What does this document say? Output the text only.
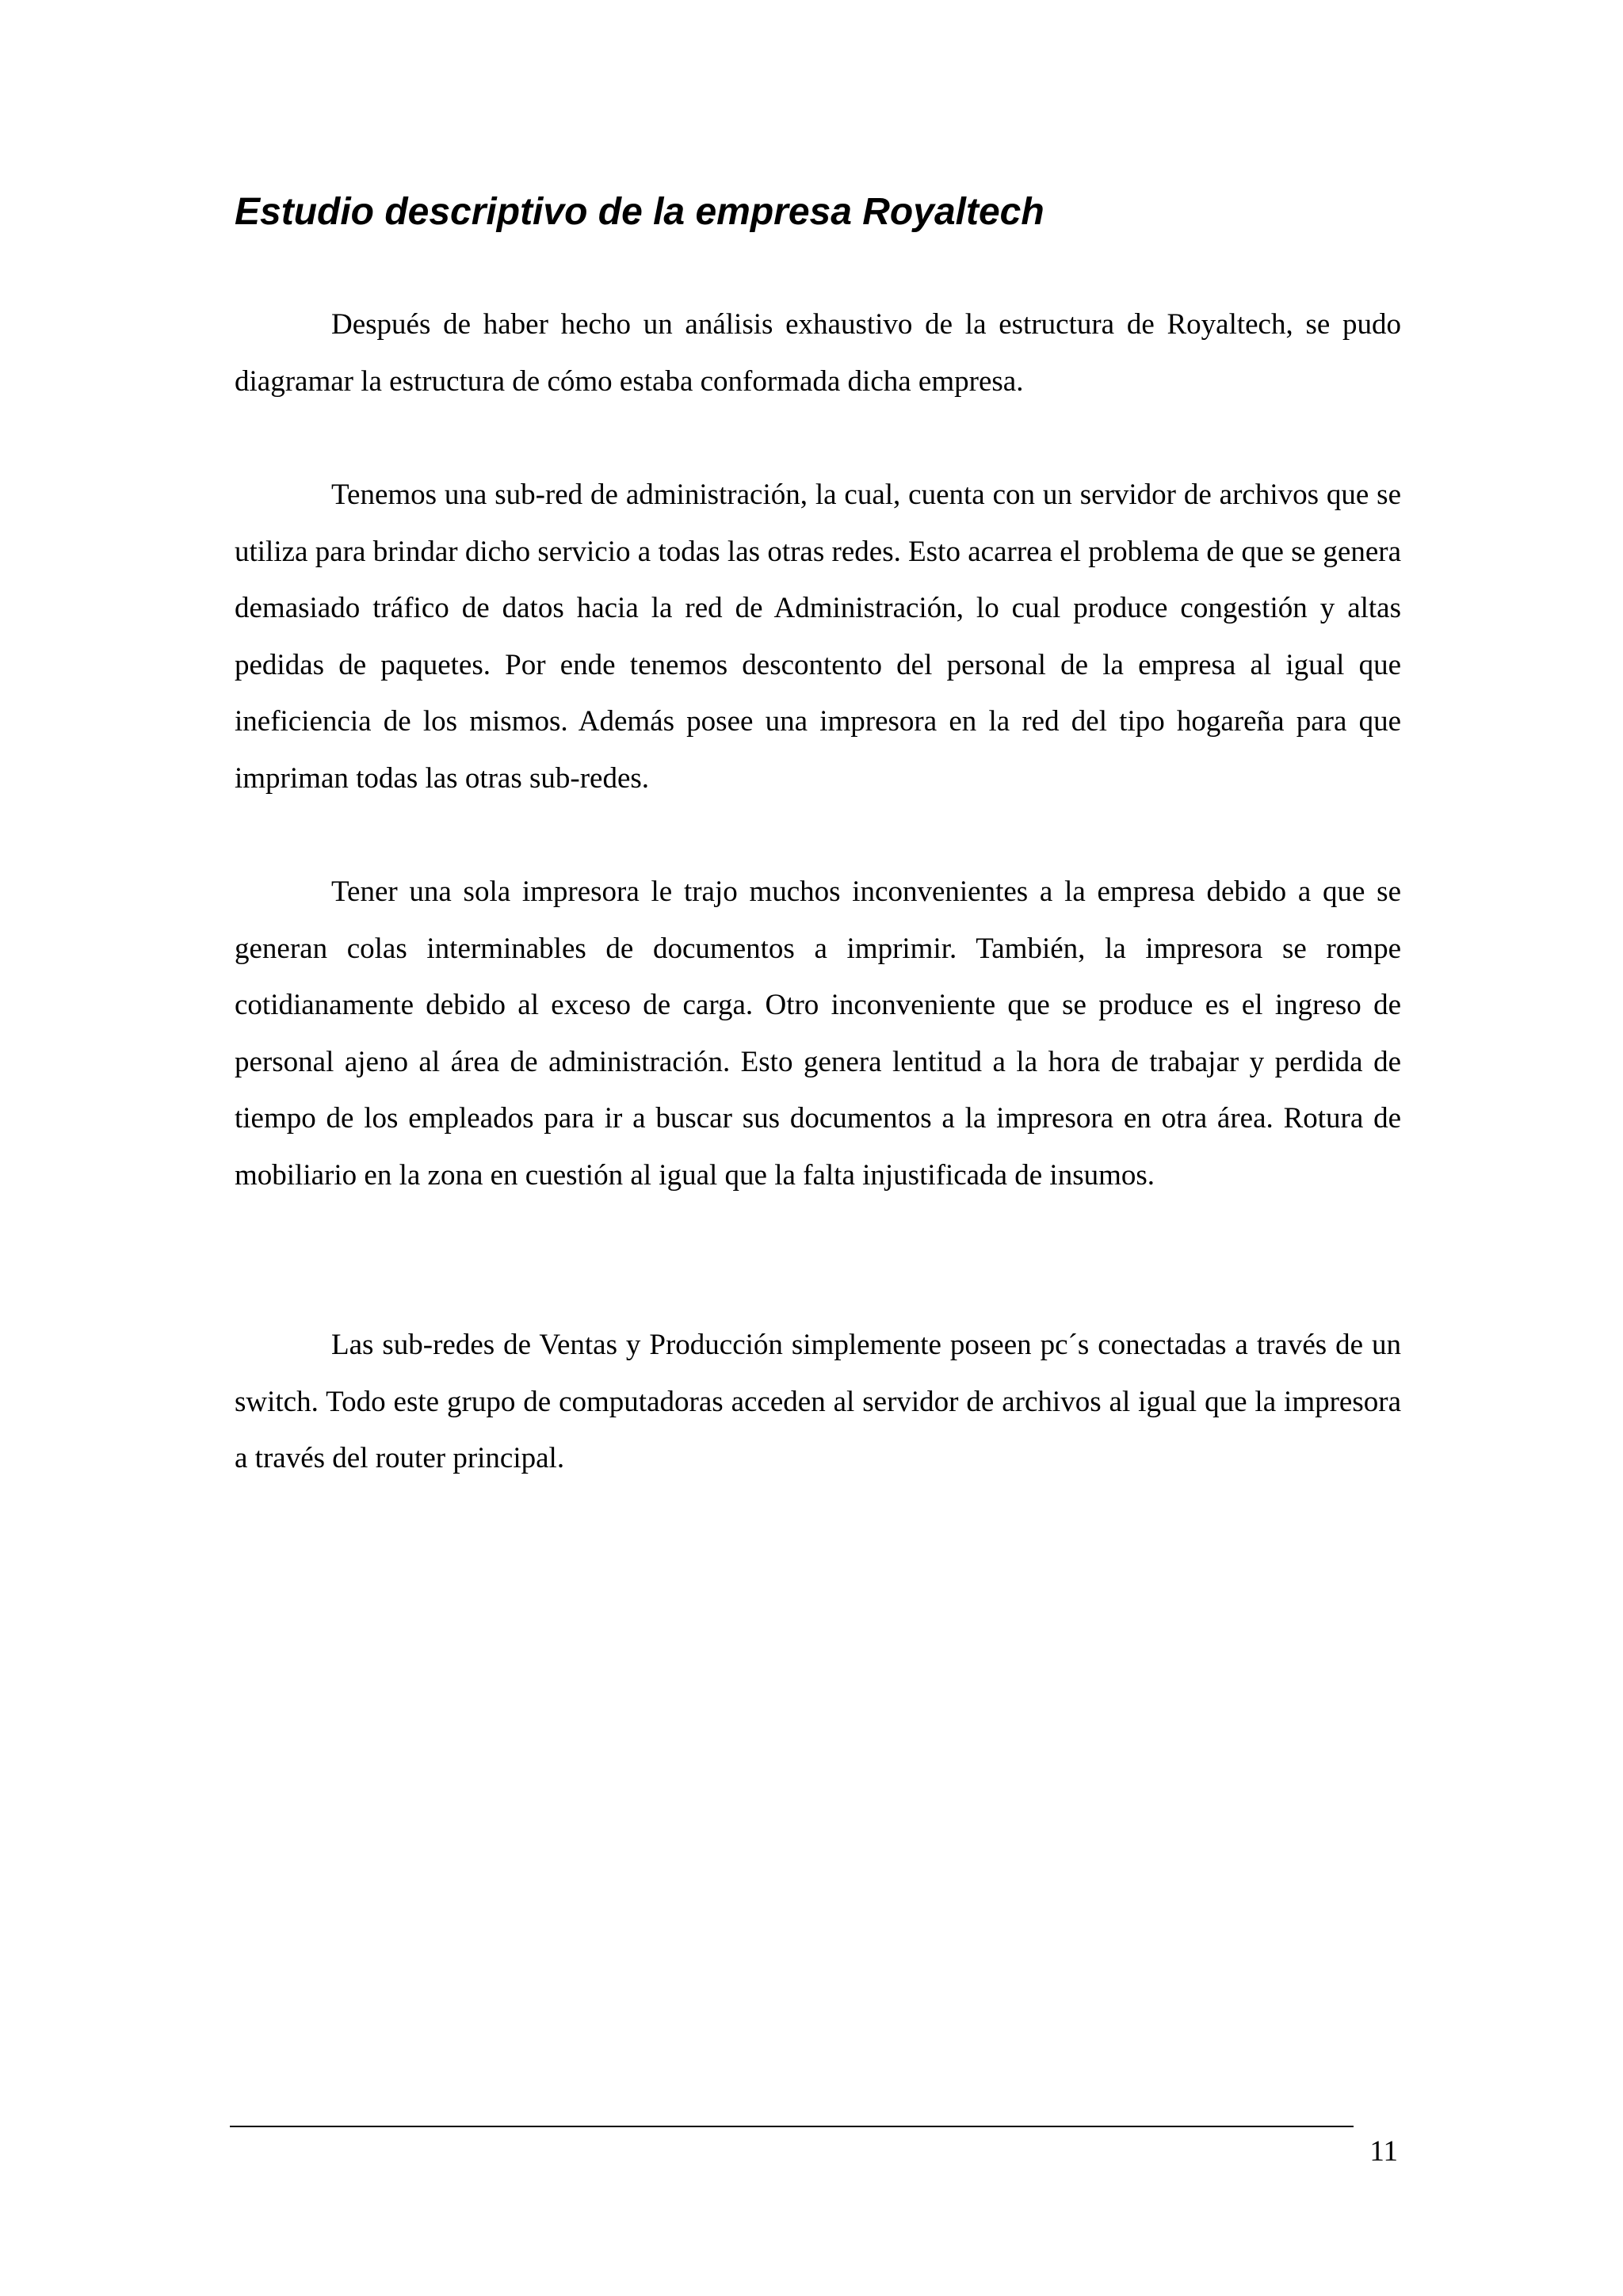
Estudio descriptivo de la empresa Royaltech

Después de haber hecho un análisis exhaustivo de la estructura de Royaltech, se pudo diagramar la estructura de cómo estaba conformada dicha empresa.

Tenemos una sub-red de administración, la cual, cuenta con un servidor de archivos que se utiliza para brindar dicho servicio a todas las otras redes. Esto acarrea el problema de que se genera demasiado tráfico de datos hacia la red de Administración, lo cual produce congestión y altas pedidas de paquetes. Por ende tenemos descontento del personal de la empresa al igual que ineficiencia de los mismos. Además posee una impresora en la red del tipo hogareña para que impriman todas las otras sub-redes.

Tener una sola impresora le trajo muchos inconvenientes a la empresa debido a que se generan colas interminables de documentos a imprimir. También, la impresora se rompe cotidianamente debido al exceso de carga. Otro inconveniente que se produce es el ingreso de personal ajeno al área de administración. Esto genera lentitud a la hora de trabajar y perdida de tiempo de los empleados para ir a buscar sus documentos a la impresora en otra área. Rotura de mobiliario en la zona en cuestión al igual que la falta injustificada de insumos.

Las sub-redes de Ventas y Producción simplemente poseen pc´s conectadas a través de un switch. Todo este grupo de computadoras acceden al servidor de archivos al igual que la impresora a través del router principal.

11
